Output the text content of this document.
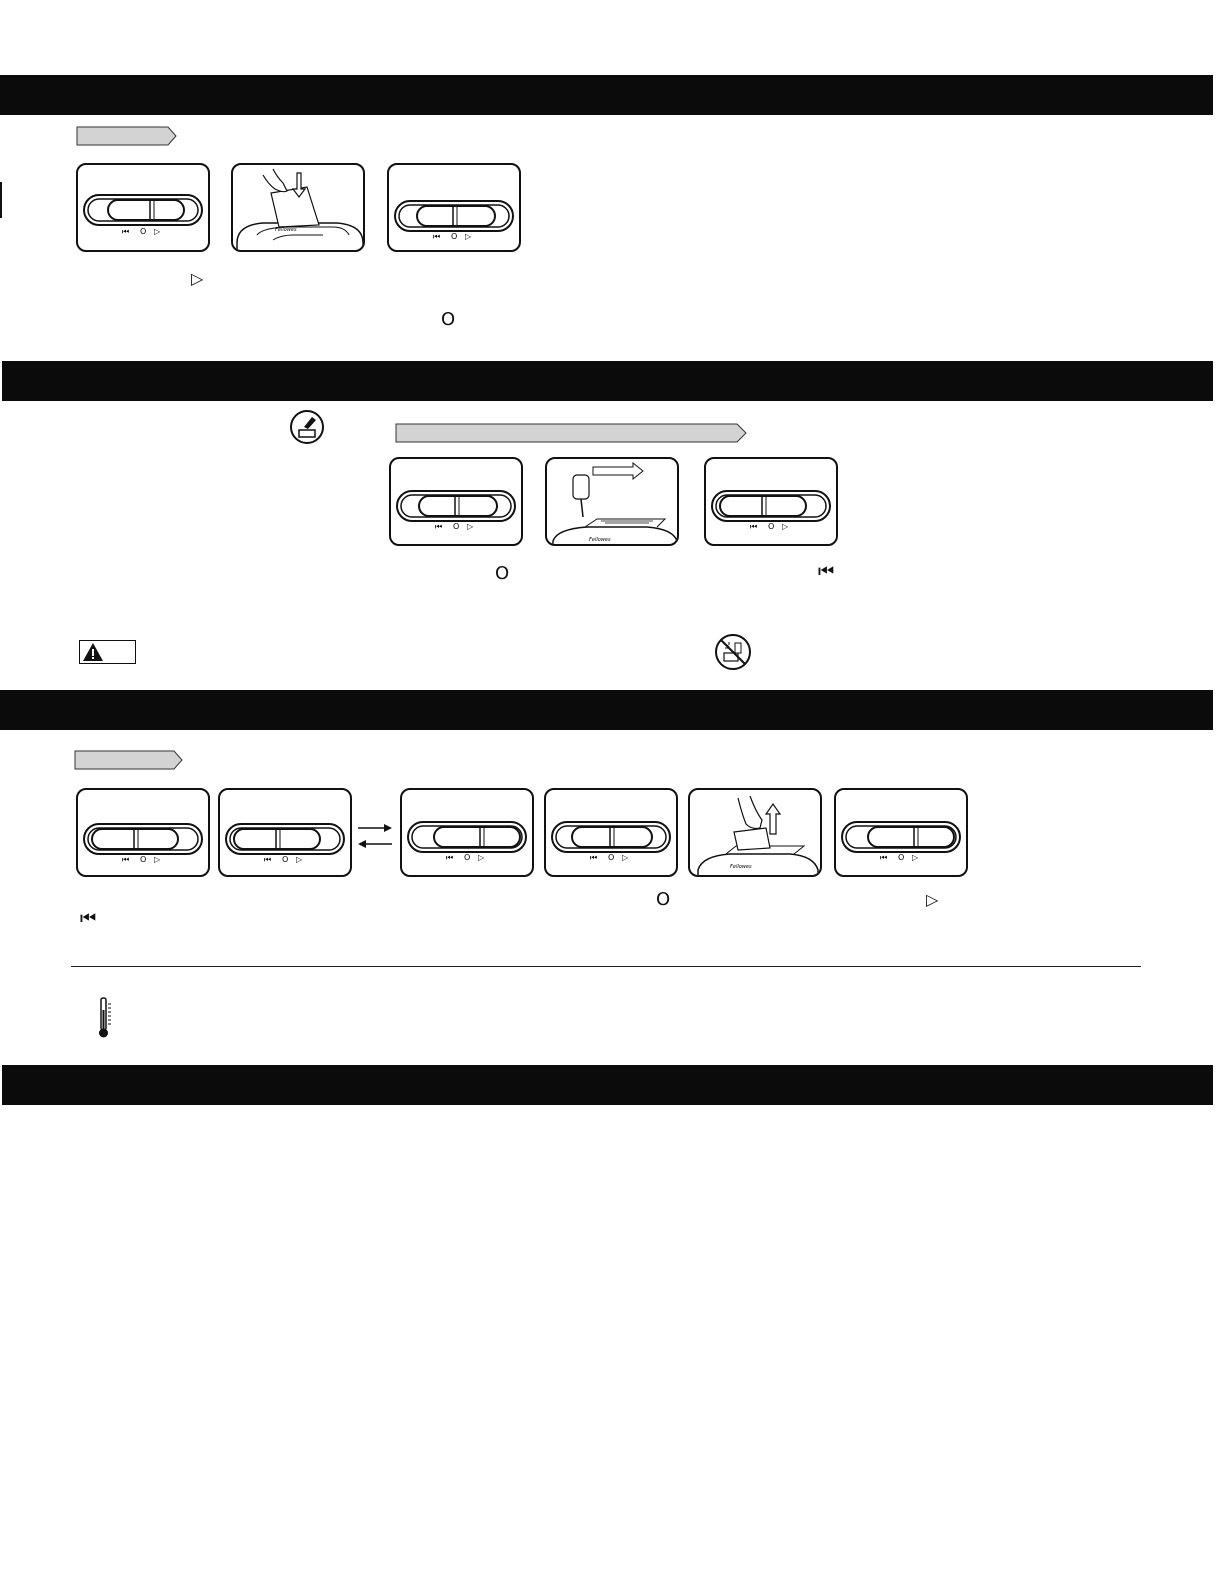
⏮ O ▷	Fellowes
⏮ O ▷
▷
O
⏮ O ▷
Fellowes
⏮ O ▷
O	⏮
⏮ O ▷	⏮ O ▷	⏮ O ▷	⏮ O ▷
Fellowes
⏮ O ▷
⏮
O	▷
